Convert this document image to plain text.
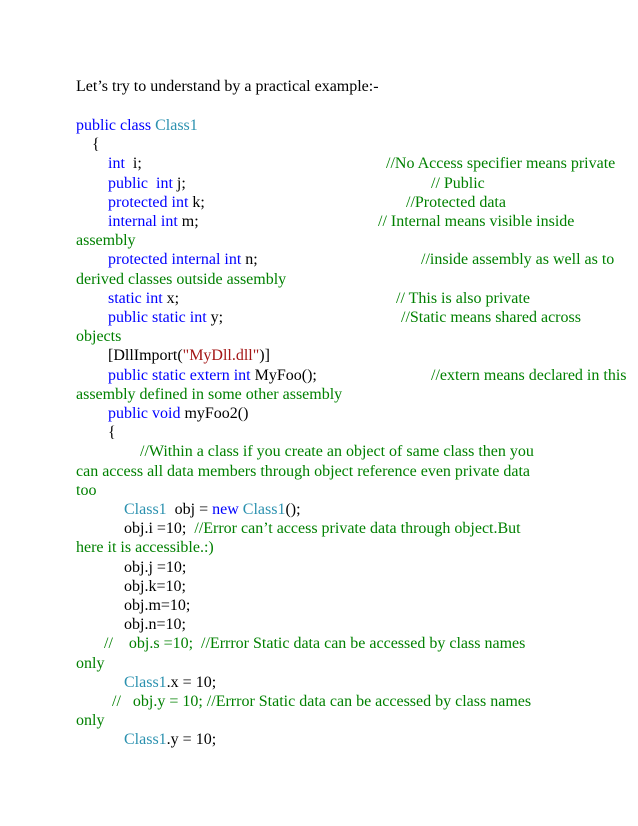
Let’s try to understand by a practical example:-
public class Class1
{
int  i;	//No Access specifier means private
public  int j;	// Public
protected int k;	//Protected data
internal int m;	// Internal means visible inside
assembly
protected internal int n;	//inside assembly as well as to
derived classes outside assembly
static int x;	// This is also private
public static int y;	//Static means shared across
objects
[DllImport("MyDll.dll")]
public static extern int MyFoo();	//extern means declared in this
assembly defined in some other assembly
public void myFoo2()
{
//Within a class if you create an object of same class then you
can access all data members through object reference even private data
too
Class1  obj = new Class1();
obj.i =10;  //Error can’t access private data through object.But
here it is accessible.:)
obj.j =10;
obj.k=10;
obj.m=10;
obj.n=10;
//    obj.s =10;  //Errror Static data can be accessed by class names
only
Class1.x = 10;
//   obj.y = 10; //Errror Static data can be accessed by class names
only
Class1.y = 10;
